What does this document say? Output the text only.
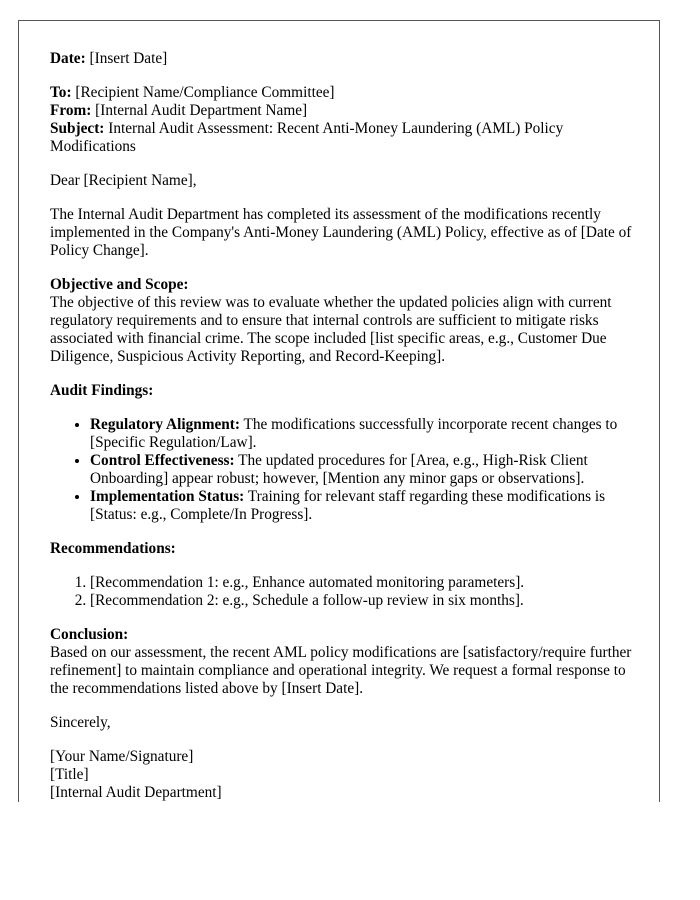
Date: [Insert Date]

To: [Recipient Name/Compliance Committee]

From: [Internal Audit Department Name]

Subject: Internal Audit Assessment: Recent Anti-Money Laundering (AML) Policy Modifications

Dear [Recipient Name],

The Internal Audit Department has completed its assessment of the modifications recently implemented in the Company's Anti-Money Laundering (AML) Policy, effective as of [Date of Policy Change].

Objective and Scope:
The objective of this review was to evaluate whether the updated policies align with current regulatory requirements and to ensure that internal controls are sufficient to mitigate risks associated with financial crime. The scope included [list specific areas, e.g., Customer Due Diligence, Suspicious Activity Reporting, and Record-Keeping].

Audit Findings:

• Regulatory Alignment: The modifications successfully incorporate recent changes to [Specific Regulation/Law].
• Control Effectiveness: The updated procedures for [Area, e.g., High-Risk Client Onboarding] appear robust; however, [Mention any minor gaps or observations].
• Implementation Status: Training for relevant staff regarding these modifications is [Status: e.g., Complete/In Progress].

Recommendations:

1. [Recommendation 1: e.g., Enhance automated monitoring parameters].
2. [Recommendation 2: e.g., Schedule a follow-up review in six months].

Conclusion:
Based on our assessment, the recent AML policy modifications are [satisfactory/require further refinement] to maintain compliance and operational integrity. We request a formal response to the recommendations listed above by [Insert Date].

Sincerely,

[Your Name/Signature]

[Title]

[Internal Audit Department]
